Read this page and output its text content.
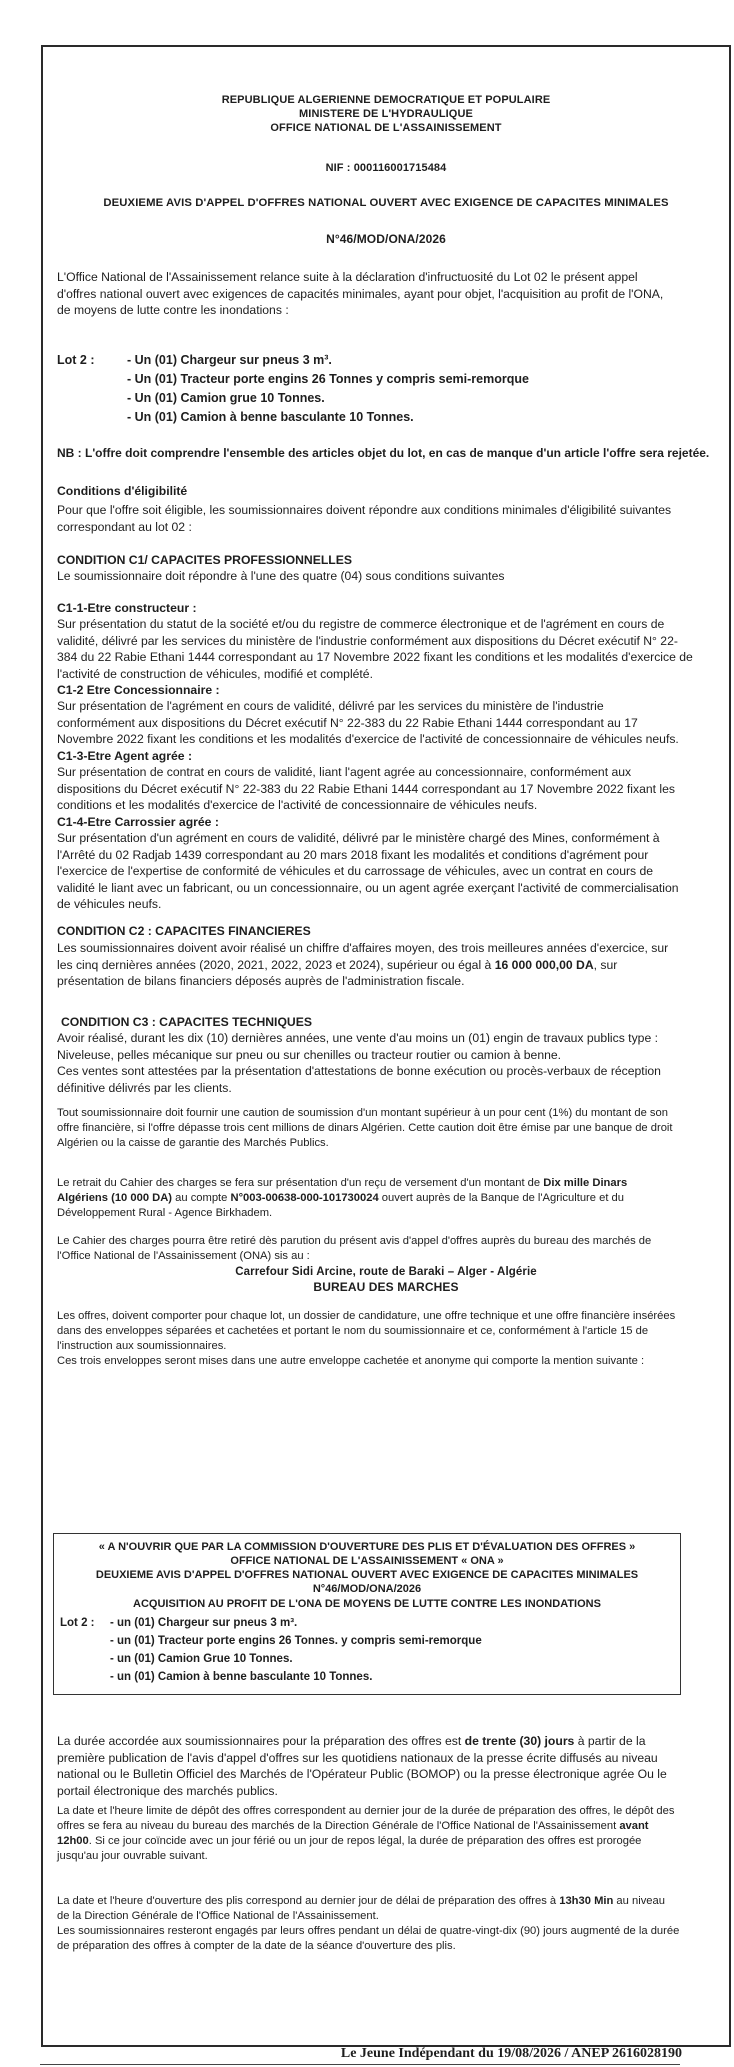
REPUBLIQUE ALGERIENNE DEMOCRATIQUE ET POPULAIRE
MINISTERE DE L'HYDRAULIQUE
OFFICE NATIONAL DE L'ASSAINISSEMENT
NIF : 000116001715484
DEUXIEME AVIS D'APPEL D'OFFRES NATIONAL OUVERT AVEC EXIGENCE DE CAPACITES MINIMALES
N°46/MOD/ONA/2026
L'Office National de l'Assainissement relance suite à la déclaration d'infructuosité du Lot 02 le présent appel
d'offres national ouvert avec exigences de capacités minimales, ayant pour objet, l'acquisition au profit de l'ONA,
de moyens de lutte contre les inondations :
Lot 2 :	- Un (01) Chargeur sur pneus 3 m³.
- Un (01) Tracteur porte engins 26 Tonnes y compris semi-remorque
- Un (01) Camion grue 10 Tonnes.
- Un (01) Camion à benne basculante 10 Tonnes.
NB : L'offre doit comprendre l'ensemble des articles objet du lot, en cas de manque d'un article l'offre sera rejetée.
Conditions d'éligibilité
Pour que l'offre soit éligible, les soumissionnaires doivent répondre aux conditions minimales d'éligibilité suivantes
correspondant au lot 02 :
CONDITION C1/ CAPACITES PROFESSIONNELLES
Le soumissionnaire doit répondre à l'une des quatre (04) sous conditions suivantes
C1-1-Etre constructeur :
Sur présentation du statut de la société et/ou du registre de commerce électronique et de l'agrément en cours de
validité, délivré par les services du ministère de l'industrie conformément aux dispositions du Décret exécutif N° 22-
384 du 22 Rabie Ethani 1444 correspondant au 17 Novembre 2022 fixant les conditions et les modalités d'exercice de
l'activité de construction de véhicules, modifié et complété.
C1-2 Etre Concessionnaire :
Sur présentation de l'agrément en cours de validité, délivré par les services du ministère de l'industrie
conformément aux dispositions du Décret exécutif N° 22-383 du 22 Rabie Ethani 1444 correspondant au 17
Novembre 2022 fixant les conditions et les modalités d'exercice de l'activité de concessionnaire de véhicules neufs.
C1-3-Etre Agent agrée :
Sur présentation de contrat en cours de validité, liant l'agent agrée au concessionnaire, conformément aux
dispositions du Décret exécutif N° 22-383 du 22 Rabie Ethani 1444 correspondant au 17 Novembre 2022 fixant les
conditions et les modalités d'exercice de l'activité de concessionnaire de véhicules neufs.
C1-4-Etre Carrossier agrée :
Sur présentation d'un agrément en cours de validité, délivré par le ministère chargé des Mines, conformément à
l'Arrêté du 02 Radjab 1439 correspondant au 20 mars 2018 fixant les modalités et conditions d'agrément pour
l'exercice de l'expertise de conformité de véhicules et du carrossage de véhicules, avec un contrat en cours de
validité le liant avec un fabricant, ou un concessionnaire, ou un agent agrée exerçant l'activité de commercialisation
de véhicules neufs.
CONDITION C2 : CAPACITES FINANCIERES
Les soumissionnaires doivent avoir réalisé un chiffre d'affaires moyen, des trois meilleures années d'exercice, sur
les cinq dernières années (2020, 2021, 2022, 2023 et 2024), supérieur ou égal à 16 000 000,00 DA, sur
présentation de bilans financiers déposés auprès de l'administration fiscale.
CONDITION C3 : CAPACITES TECHNIQUES
Avoir réalisé, durant les dix (10) dernières années, une vente d'au moins un (01) engin de travaux publics type :
Niveleuse, pelles mécanique sur pneu ou sur chenilles ou tracteur routier ou camion à benne.
Ces ventes sont attestées par la présentation d'attestations de bonne exécution ou procès-verbaux de réception
définitive délivrés par les clients.
Tout soumissionnaire doit fournir une caution de soumission d'un montant supérieur à un pour cent (1%) du montant de son
offre financière, si l'offre dépasse trois cent millions de dinars Algérien. Cette caution doit être émise par une banque de droit
Algérien ou la caisse de garantie des Marchés Publics.
Le retrait du Cahier des charges se fera sur présentation d'un reçu de versement d'un montant de Dix mille Dinars
Algériens (10 000 DA) au compte N°003-00638-000-101730024 ouvert auprès de la Banque de l'Agriculture et du
Développement Rural - Agence Birkhadem.
Le Cahier des charges pourra être retiré dès parution du présent avis d'appel d'offres auprès du bureau des marchés de
l'Office National de l'Assainissement (ONA) sis au :
Carrefour Sidi Arcine, route de Baraki – Alger - Algérie
BUREAU DES MARCHES
Les offres, doivent comporter pour chaque lot, un dossier de candidature, une offre technique et une offre financière insérées
dans des enveloppes séparées et cachetées et portant le nom du soumissionnaire et ce, conformément à l'article 15 de
l'instruction aux soumissionnaires.
Ces trois enveloppes seront mises dans une autre enveloppe cachetée et anonyme qui comporte la mention suivante :
La durée accordée aux soumissionnaires pour la préparation des offres est de trente (30) jours à partir de la
première publication de l'avis d'appel d'offres sur les quotidiens nationaux de la presse écrite diffusés au niveau
national ou le Bulletin Officiel des Marchés de l'Opérateur Public (BOMOP) ou la presse électronique agrée Ou le
portail électronique des marchés publics.
La date et l'heure limite de dépôt des offres correspondent au dernier jour de la durée de préparation des offres, le dépôt des
offres se fera au niveau du bureau des marchés de la Direction Générale de l'Office National de l'Assainissement avant
12h00. Si ce jour coïncide avec un jour férié ou un jour de repos légal, la durée de préparation des offres est prorogée
jusqu'au jour ouvrable suivant.
La date et l'heure d'ouverture des plis correspond au dernier jour de délai de préparation des offres à 13h30 Min au niveau
de la Direction Générale de l'Office National de l'Assainissement.
Les soumissionnaires resteront engagés par leurs offres pendant un délai de quatre-vingt-dix (90) jours augmenté de la durée
de préparation des offres à compter de la date de la séance d'ouverture des plis.
« A N'OUVRIR QUE PAR LA COMMISSION D'OUVERTURE DES PLIS ET D'ÉVALUATION DES OFFRES »
OFFICE NATIONAL DE L'ASSAINISSEMENT « ONA »
DEUXIEME AVIS D'APPEL D'OFFRES NATIONAL OUVERT AVEC EXIGENCE DE CAPACITES MINIMALES
N°46/MOD/ONA/2026
ACQUISITION AU PROFIT DE L'ONA DE MOYENS DE LUTTE CONTRE LES INONDATIONS
Lot 2 : - un (01) Chargeur sur pneus 3 m³.
- un (01) Tracteur porte engins 26 Tonnes. y compris semi-remorque
- un (01) Camion Grue 10 Tonnes.
- un (01) Camion à benne basculante 10 Tonnes.
Le Jeune Indépendant du 19/08/2026 / ANEP 2616028190
